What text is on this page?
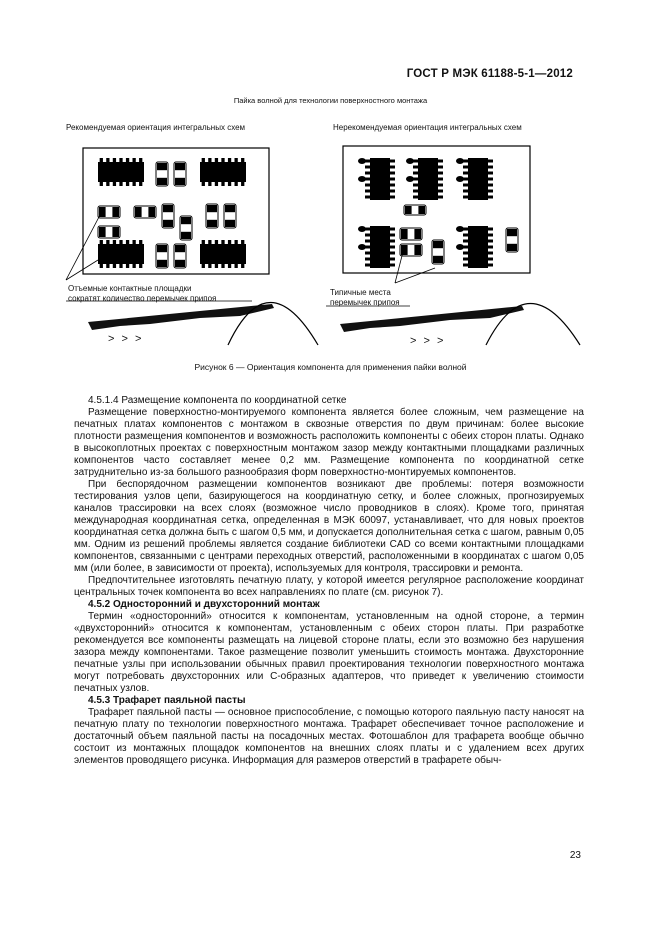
ГОСТ Р МЭК 61188-5-1—2012
Пайка волной для технологии поверхностного монтажа
Рекомендуемая ориентация интегральных схем	Нерекомендуемая ориентация интегральных схем
Отъемные контактные площадки
сократят количество перемычек припоя
Типичные места
перемычек припоя
> > >	> > >
Рисунок 6 — Ориентация компонента для применения пайки волной

4.5.1.4 Размещение компонента по координатной сетке

Размещение поверхностно-монтируемого компонента является более сложным, чем размещение на печатных платах компонентов с монтажом в сквозные отверстия по двум причинам: более высокие плотности размещения компонентов и возможность расположить компоненты с обеих сторон платы. Однако в высокоплотных проектах с поверхностным монтажом зазор между контактными площадками различных компонентов часто составляет менее 0,2 мм. Размещение компонента по координатной сетке затруднительно из-за большого разнообразия форм поверхностно-монтируемых компонентов.

При беспорядочном размещении компонентов возникают две проблемы: потеря возможности тестирования узлов цепи, базирующегося на координатную сетку, и более сложных, прогнозируемых каналов трассировки на всех слоях (возможное число проводников в слоях). Кроме того, принятая международная координатная сетка, определенная в МЭК 60097, устанавливает, что для новых проектов координатная сетка должна быть с шагом 0,5 мм, и допускается дополнительная сетка с шагом, равным 0,05 мм. Одним из решений проблемы является создание библиотеки CAD со всеми контактными площадками компонентов, связанными с центрами переходных отверстий, расположенными в координатах с шагом 0,05 мм (или более, в зависимости от проекта), используемых для контроля, трассировки и ремонта.

Предпочтительнее изготовлять печатную плату, у которой имеется регулярное расположение координат центральных точек компонента во всех направлениях по плате (см. рисунок 7).

4.5.2 Односторонний и двухсторонний монтаж

Термин «односторонний» относится к компонентам, установленным на одной стороне, а термин «двухсторонний» относится к компонентам, установленным с обеих сторон платы. При разработке рекомендуется все компоненты размещать на лицевой стороне платы, если это возможно без нарушения зазора между компонентами. Такое размещение позволит уменьшить стоимость монтажа. Двухсторонние печатные узлы при использовании обычных правил проектирования технологии поверхностного монтажа могут потребовать двухсторонних или С-образных адаптеров, что приведет к увеличению стоимости печатных узлов.

4.5.3 Трафарет паяльной пасты

Трафарет паяльной пасты — основное приспособление, с помощью которого паяльную пасту наносят на печатную плату по технологии поверхностного монтажа. Трафарет обеспечивает точное расположение и достаточный объем паяльной пасты на посадочных местах. Фотошаблон для трафарета вообще обычно состоит из монтажных площадок компонентов на внешних слоях платы и с удалением всех других элементов проводящего рисунка. Информация для размеров отверстий в трафарете обыч-

23
